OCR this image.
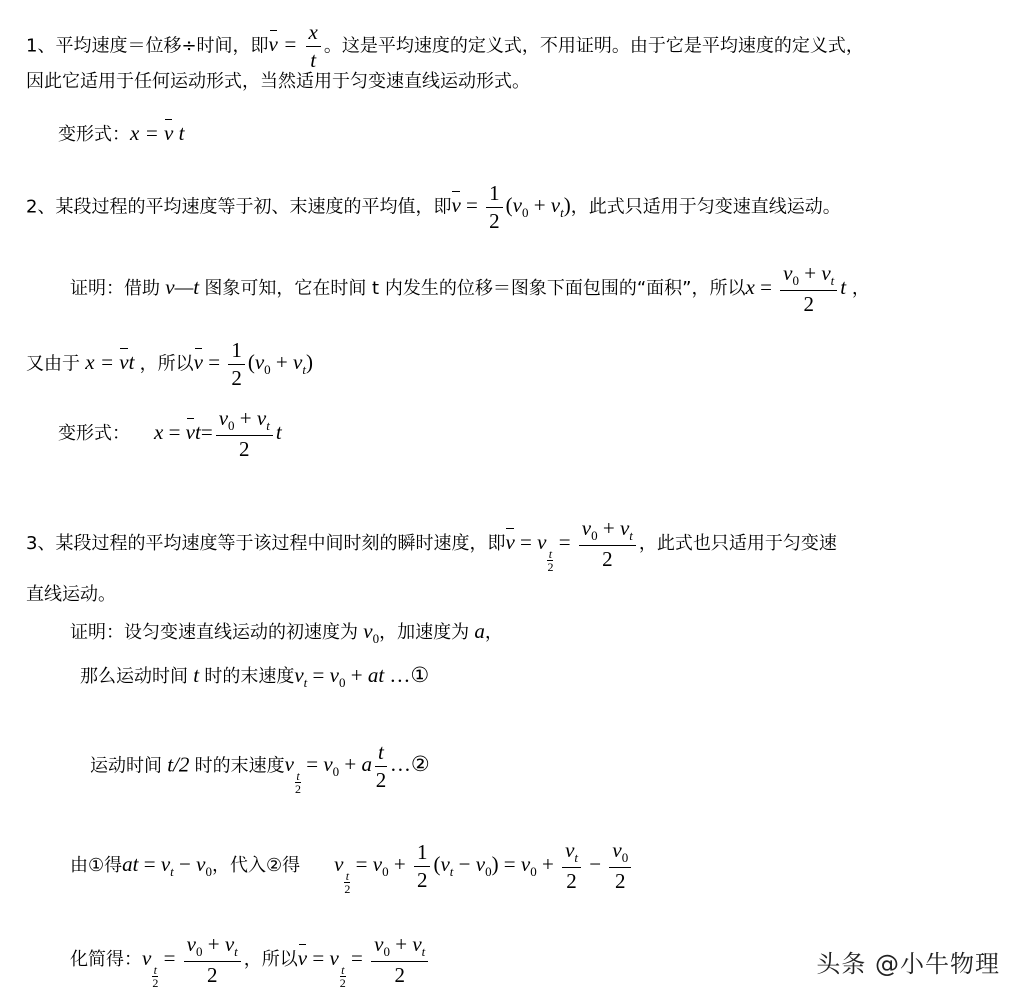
1、平均速度＝位移÷时间，即$v = \frac{x}{t}$ 。这是平均速度的定义式，不用证明。由于它是平均速度的定义式，
因此它适用于任何运动形式，当然适用于匀变速直线运动形式。
变形式：x = v t
2、某段过程的平均速度等于初、末速度的平均值，即$v = \frac{1}{2} (v_0 + v_t)$，此式只适用于匀变速直线运动。
证明：借助 v—t 图象可知，它在时间 t 内发生的位移＝图象下面包围的“面积”，所以$x = \frac{v_0 + v_t}{2}$ t ，
又由于 x = vt ，所以$v = \frac{1}{2} (v_0 + v_t)$
变形式： $x = vt= \frac{v_0 + v_t}{2}$ t
3、某段过程的平均速度等于该过程中间时刻的瞬时速度，即v = v
$\frac{t}{2}$
= $\frac{v_0 + v_t}{2}$ ，此式也只适用于匀变速
直线运动。
证明：设匀变速直线运动的初速度为 $v_0$，加速度为 a，
那么运动时间 t 时的末速度$v_t = v_0$ + at …①
运动时间 t/2 时的末速度v
$\frac{t}{2}$
= $v_0 + a \frac{t}{2}$ …②
由①得at = $v_t - v_0$，代入②得 v
$\frac{t}{2}$
= $v_0 + \frac{1}{2} (v_t - v_0) = v_0 + \frac{v_t}{2} - \frac{v_0}{2}$
化简得：v
$\frac{t}{2}$
= $\frac{v_0 + v_t}{2}$ ，所以v = v
$\frac{t}{2}$
= $\frac{v_0 + v_t}{2}$	头条 @小牛物理
